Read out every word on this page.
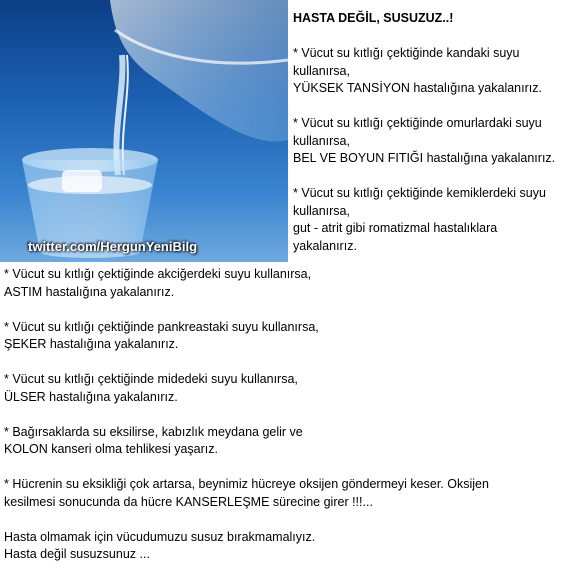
twitter.com/HergunYeniBilg

HASTA DEĞİL, SUSUZUZ..!

* Vücut su kıtlığı çektiğinde kandaki suyu
kullanırsa,
YÜKSEK TANSİYON hastalığına yakalanırız.

* Vücut su kıtlığı çektiğinde omurlardaki suyu
kullanırsa,
BEL VE BOYUN FITIĞI hastalığına yakalanırız.

* Vücut su kıtlığı çektiğinde kemiklerdeki suyu
kullanırsa,
gut - atrit gibi romatizmal hastalıklara
yakalanırız.

* Vücut su kıtlığı çektiğinde akciğerdeki suyu kullanırsa,
ASTIM hastalığına yakalanırız.

* Vücut su kıtlığı çektiğinde pankreastaki suyu kullanırsa,
ŞEKER hastalığına yakalanırız.

* Vücut su kıtlığı çektiğinde midedeki suyu kullanırsa,
ÜLSER hastalığına yakalanırız.

* Bağırsaklarda su eksilirse, kabızlık meydana gelir ve
KOLON kanseri olma tehlikesi yaşarız.

* Hücrenin su eksikliği çok artarsa, beynimiz hücreye oksijen göndermeyi keser. Oksijen
kesilmesi sonucunda da hücre KANSERLEŞME sürecine girer !!!...

Hasta olmamak için vücudumuzu susuz bırakmamalıyız.
Hasta değil susuzsunuz ...
